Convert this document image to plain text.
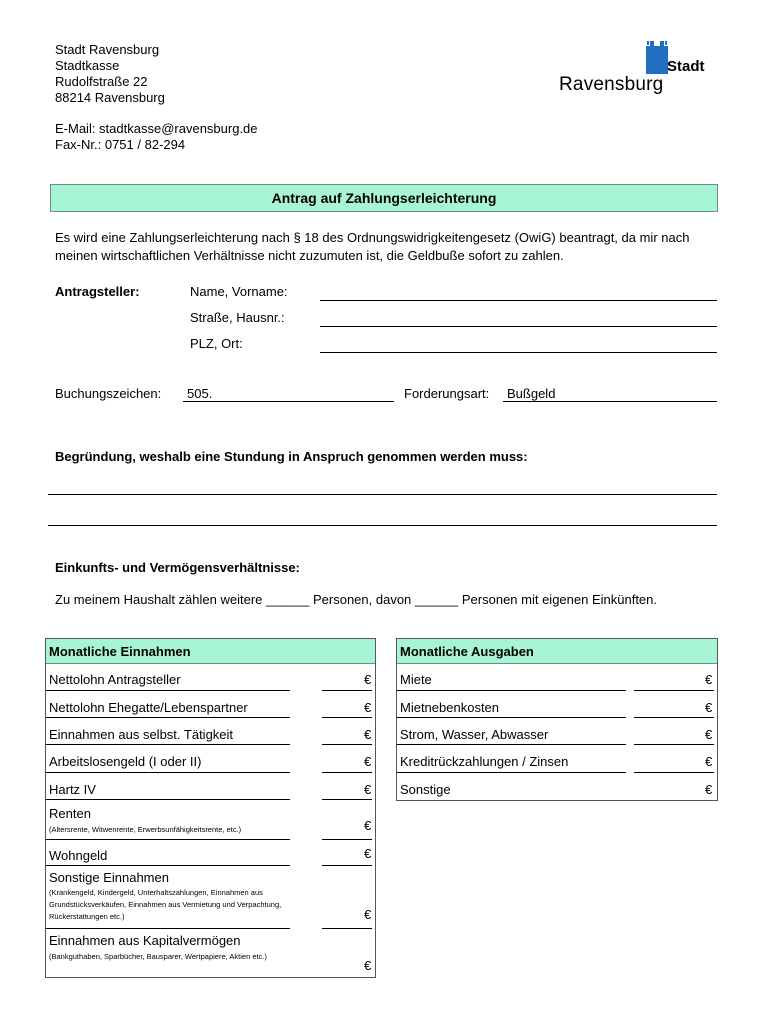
Stadt Ravensburg
Stadtkasse
Rudolfstraße 22
88214 Ravensburg
E-Mail: stadtkasse@ravensburg.de
Fax-Nr.: 0751 / 82-294
Stadt
Ravensburg
Antrag auf Zahlungserleichterung
Es wird eine Zahlungserleichterung nach § 18 des Ordnungswidrigkeitengesetz (OwiG) beantragt, da mir nach meinen wirtschaftlichen Verhältnisse nicht zuzumuten ist, die Geldbuße sofort zu zahlen.
Antragsteller:	Name, Vorname:
Straße, Hausnr.:
PLZ, Ort:
Buchungszeichen:	505.	Forderungsart:	Bußgeld
Begründung, weshalb eine Stundung in Anspruch genommen werden muss:
Einkunfts- und Vermögensverhältnisse:
Zu meinem Haushalt zählen weitere ______ Personen, davon ______ Personen mit eigenen Einkünften.
Monatliche Einnahmen
Nettolohn Antragsteller	€
Nettolohn Ehegatte/Lebenspartner	€
Einnahmen aus selbst. Tätigkeit	€
Arbeitslosengeld (I oder II)	€
Hartz IV	€
Renten
(Altersrente, Witwenrente, Erwerbsunfähigkeitsrente, etc.)	€
Wohngeld	€
Sonstige Einnahmen
(Krankengeld, Kindergeld, Unterhaltszahlungen, Einnahmen aus Grundstücksverkäufen, Einnahmen aus Vermietung und Verpachtung, Rückerstattungen etc.)	€
Einnahmen aus Kapitalvermögen
(Bankguthaben, Sparbücher, Bausparer, Wertpapiere, Aktien etc.)
€
Monatliche Ausgaben
Miete	€
Mietnebenkosten	€
Strom, Wasser, Abwasser	€
Kreditrückzahlungen / Zinsen	€
Sonstige	€
